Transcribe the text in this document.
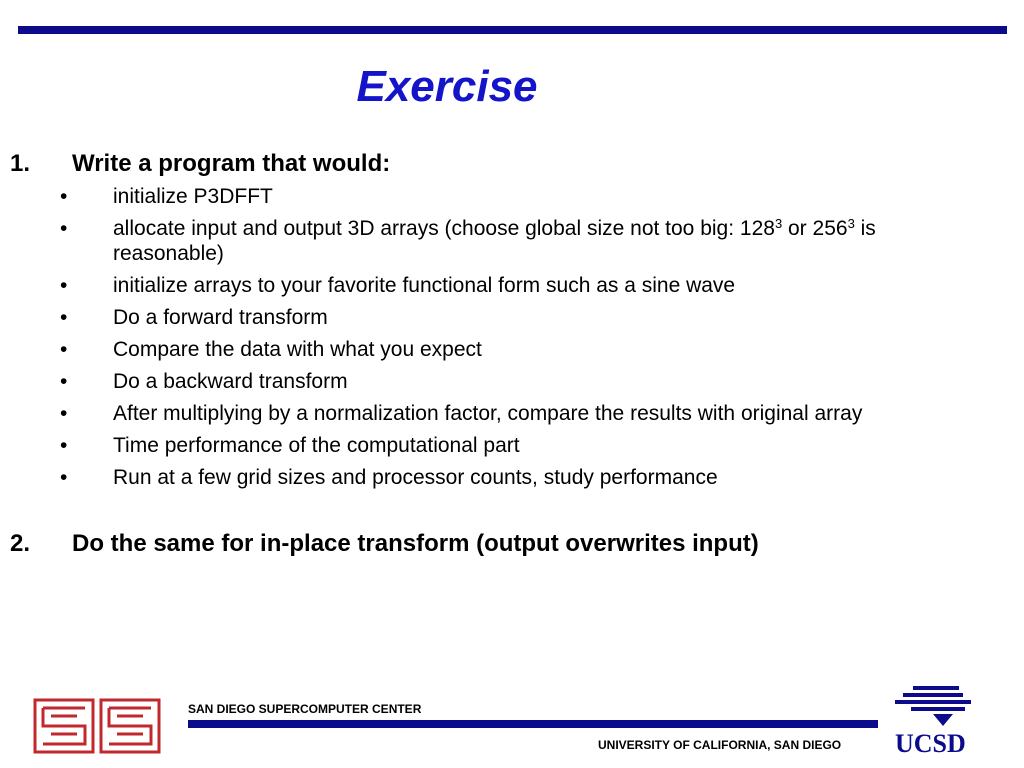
Exercise
1. Write a program that would:
• initialize P3DFFT
• allocate input and output 3D arrays (choose global size not too big: $128^3$ or $256^3$ is reasonable)
• initialize arrays to your favorite functional form such as a sine wave
• Do a forward transform
• Compare the data with what you expect
• Do a backward transform
• After multiplying by a normalization factor, compare the results with original array
• Time performance of the computational part
• Run at a few grid sizes and processor counts, study performance
2. Do the same for in-place transform (output overwrites input)
SAN DIEGO SUPERCOMPUTER CENTER
UNIVERSITY OF CALIFORNIA, SAN DIEGO UCSD
